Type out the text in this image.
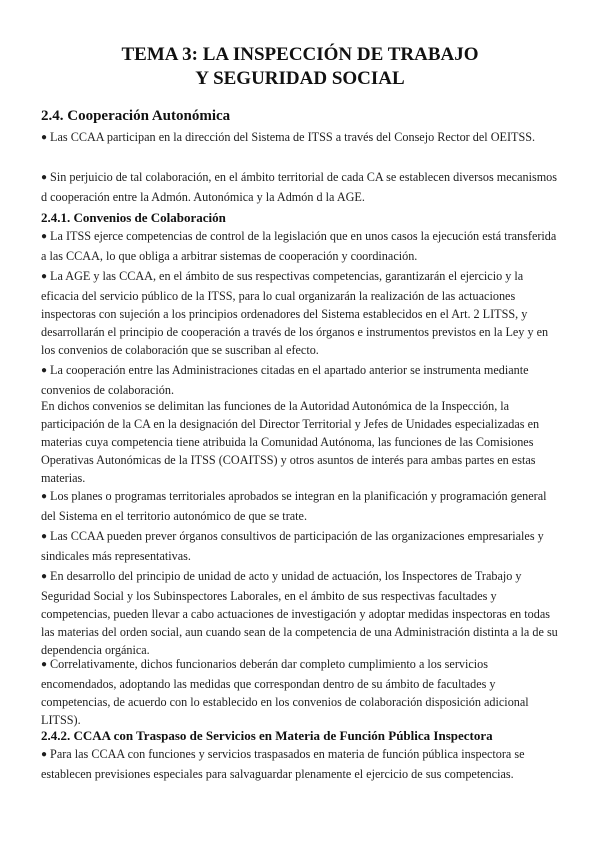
TEMA 3: LA INSPECCIÓN DE TRABAJO
Y SEGURIDAD SOCIAL
2.4. Cooperación Autonómica
● Las CCAA participan en la dirección del Sistema de ITSS a través del Consejo Rector del OEITSS.
● Sin perjuicio de tal colaboración, en el ámbito territorial de cada CA se establecen diversos mecanismos d cooperación entre la Admón. Autonómica y la Admón d la AGE.
2.4.1. Convenios de Colaboración
● La ITSS ejerce competencias de control de la legislación que en unos casos la ejecución está transferida a las CCAA, lo que obliga a arbitrar sistemas de cooperación y coordinación.
● La AGE y las CCAA, en el ámbito de sus respectivas competencias, garantizarán el ejercicio y la eficacia del servicio público de la ITSS, para lo cual organizarán la realización de las actuaciones inspectoras con sujeción a los principios ordenadores del Sistema establecidos en el Art. 2 LITSS, y desarrollarán el principio de cooperación a través de los órganos e instrumentos previstos en la Ley y en los convenios de colaboración que se suscriban al efecto.
● La cooperación entre las Administraciones citadas en el apartado anterior se instrumenta mediante convenios de colaboración.
En dichos convenios se delimitan las funciones de la Autoridad Autonómica de la Inspección, la participación de la CA en la designación del Director Territorial y Jefes de Unidades especializadas en materias cuya competencia tiene atribuida la Comunidad Autónoma, las funciones de las Comisiones Operativas Autonómicas de la ITSS (COAITSS) y otros asuntos de interés para ambas partes en estas materias.
● Los planes o programas territoriales aprobados se integran en la planificación y programación general del Sistema en el territorio autonómico de que se trate.
● Las CCAA pueden prever órganos consultivos de participación de las organizaciones empresariales y sindicales más representativas.
● En desarrollo del principio de unidad de acto y unidad de actuación, los Inspectores de Trabajo y Seguridad Social y los Subinspectores Laborales, en el ámbito de sus respectivas facultades y competencias, pueden llevar a cabo actuaciones de investigación y adoptar medidas inspectoras en todas las materias del orden social, aun cuando sean de la competencia de una Administración distinta a la de su dependencia orgánica.
● Correlativamente, dichos funcionarios deberán dar completo cumplimiento a los servicios encomendados, adoptando las medidas que correspondan dentro de su ámbito de facultades y competencias, de acuerdo con lo establecido en los convenios de colaboración disposición adicional LITSS).
2.4.2. CCAA con Traspaso de Servicios en Materia de Función Pública Inspectora
● Para las CCAA con funciones y servicios traspasados en materia de función pública inspectora se establecen previsiones especiales para salvaguardar plenamente el ejercicio de sus competencias.
